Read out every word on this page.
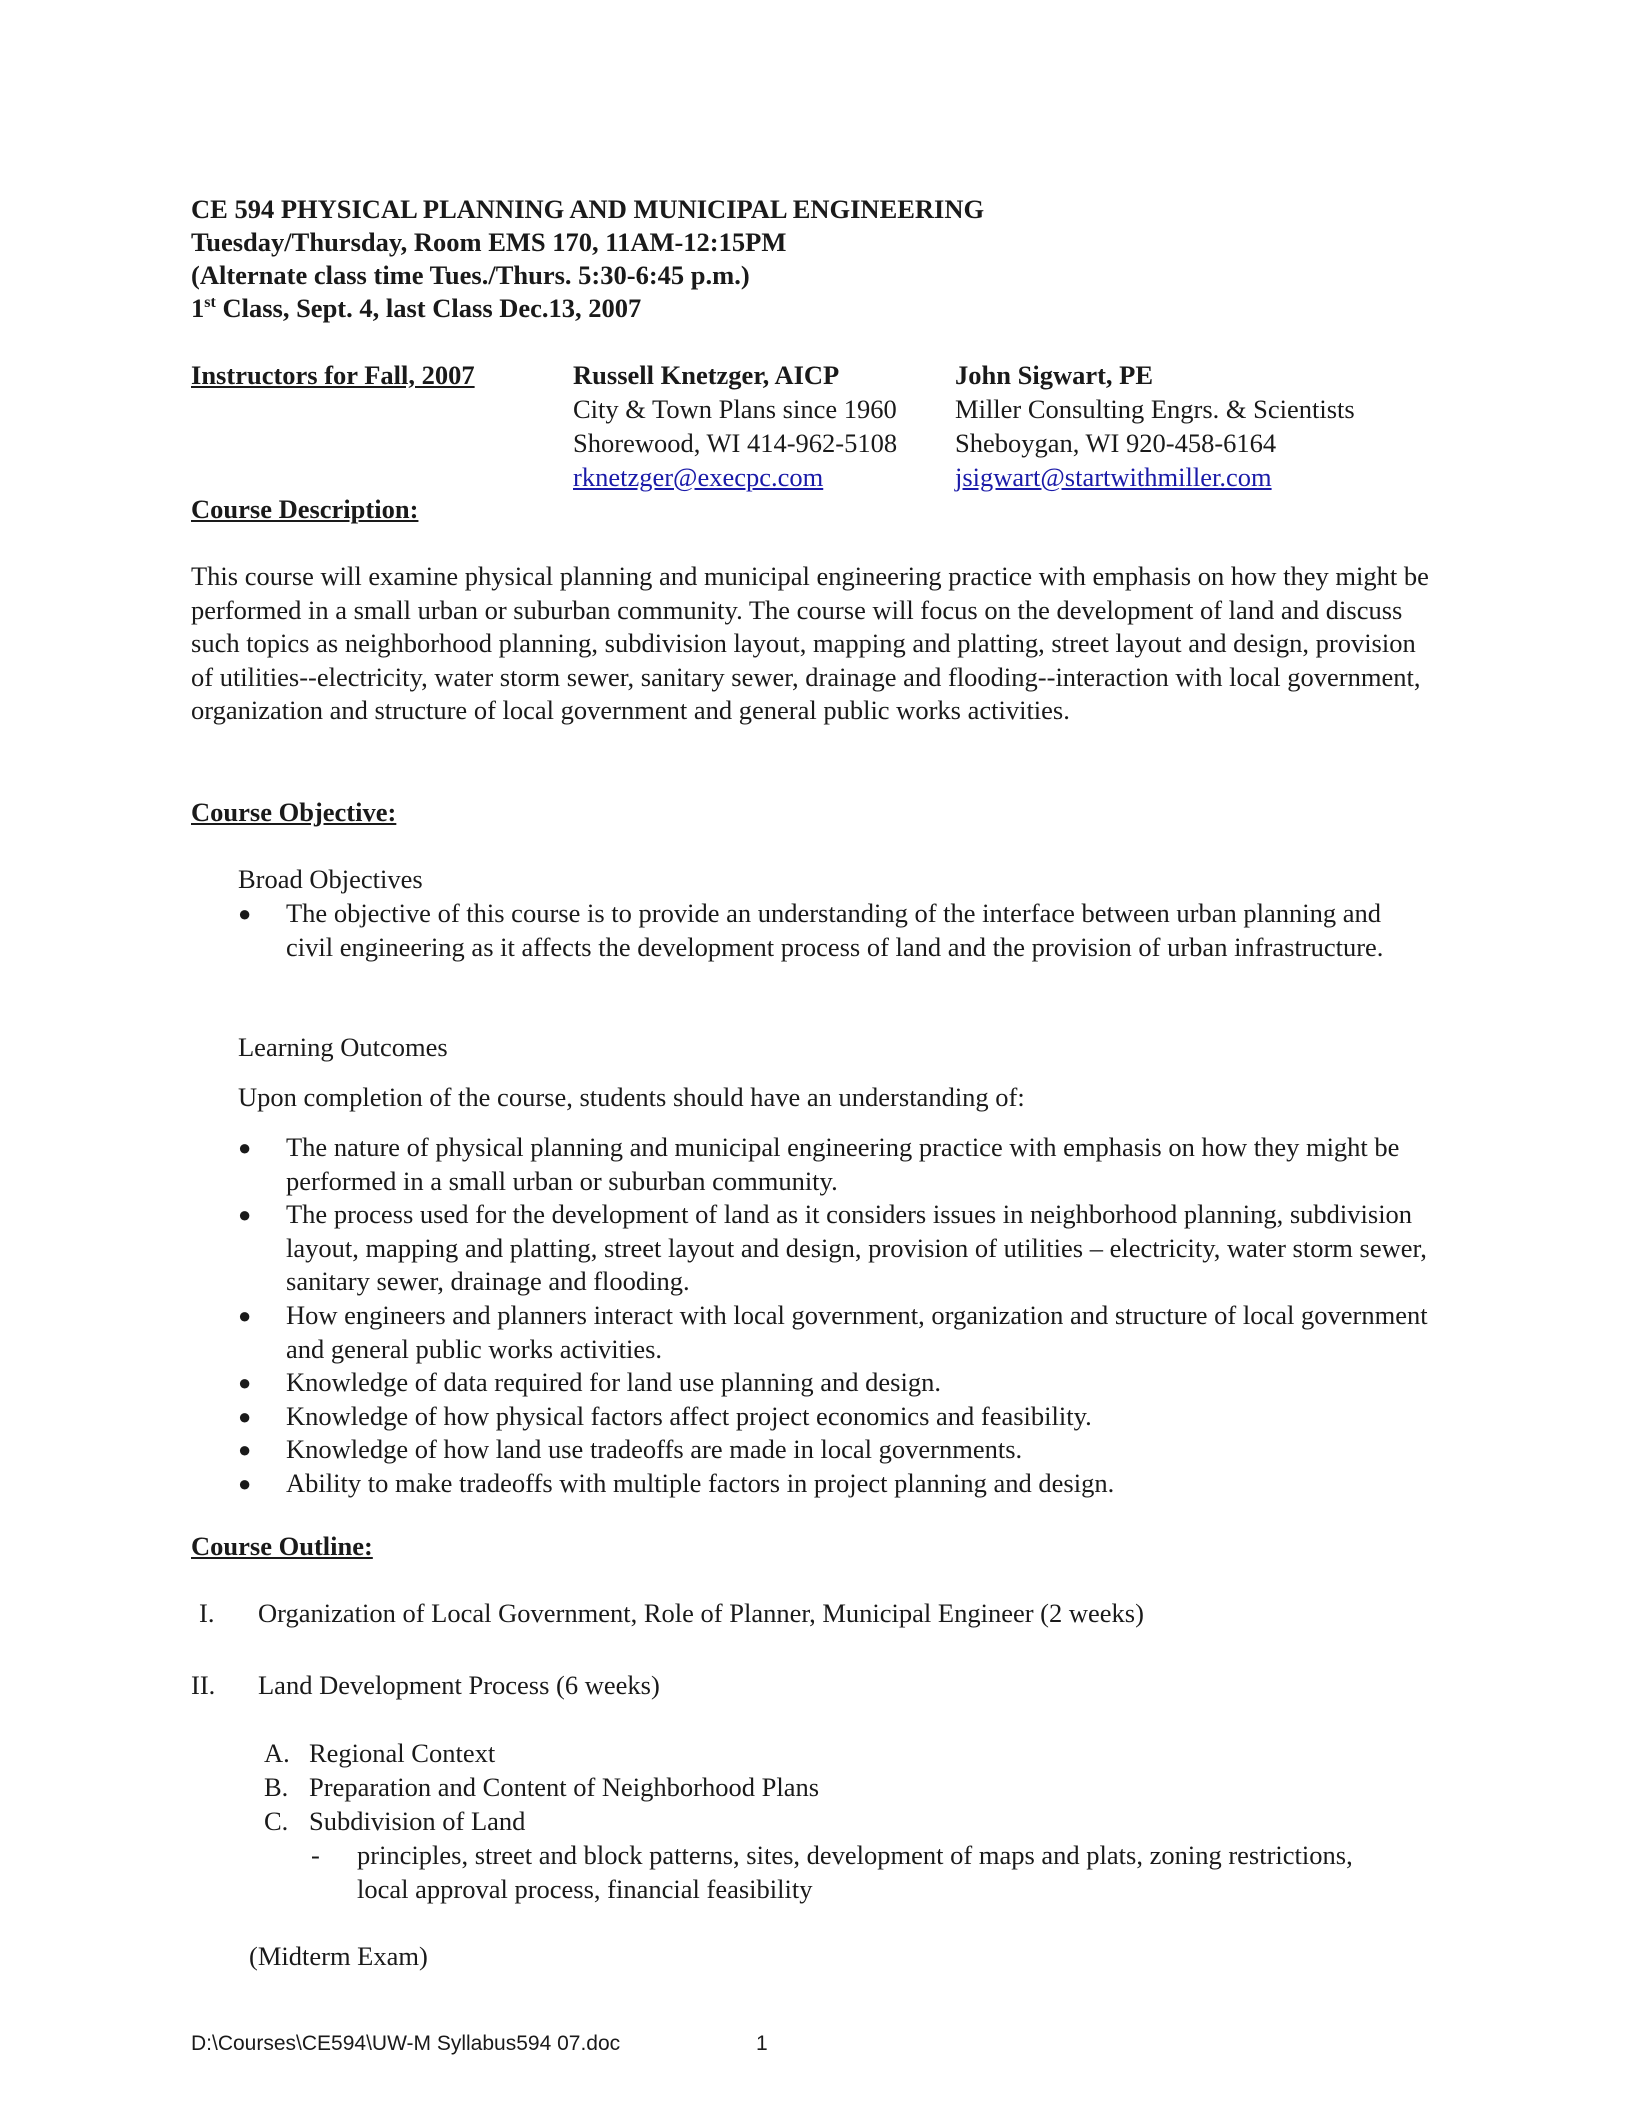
CE 594 PHYSICAL PLANNING AND MUNICIPAL ENGINEERING
Tuesday/Thursday, Room EMS 170, 11AM-12:15PM
(Alternate class time Tues./Thurs. 5:30-6:45 p.m.)
1st Class, Sept. 4, last Class Dec.13, 2007
Instructors for Fall, 2007	Russell Knetzger, AICP
City & Town Plans since 1960
Shorewood, WI 414-962-5108
rknetzger@execpc.com
John Sigwart, PE
Miller Consulting Engrs. & Scientists
Sheboygan, WI 920-458-6164
jsigwart@startwithmiller.com
Course Description:
This course will examine physical planning and municipal engineering practice with emphasis on how they might be performed in a small urban or suburban community. The course will focus on the development of land and discuss such topics as neighborhood planning, subdivision layout, mapping and platting, street layout and design, provision of utilities--electricity, water storm sewer, sanitary sewer, drainage and flooding--interaction with local government, organization and structure of local government and general public works activities.
Course Objective:
Broad Objectives
● The objective of this course is to provide an understanding of the interface between urban planning and civil engineering as it affects the development process of land and the provision of urban infrastructure.
Learning Outcomes
Upon completion of the course, students should have an understanding of:
● The nature of physical planning and municipal engineering practice with emphasis on how they might be performed in a small urban or suburban community.
● The process used for the development of land as it considers issues in neighborhood planning, subdivision layout, mapping and platting, street layout and design, provision of utilities – electricity, water storm sewer, sanitary sewer, drainage and flooding.
● How engineers and planners interact with local government, organization and structure of local government and general public works activities.
● Knowledge of data required for land use planning and design.
● Knowledge of how physical factors affect project economics and feasibility.
● Knowledge of how land use tradeoffs are made in local governments.
● Ability to make tradeoffs with multiple factors in project planning and design.
Course Outline:
I. Organization of Local Government, Role of Planner, Municipal Engineer (2 weeks)
II. Land Development Process (6 weeks)
A. Regional Context
B. Preparation and Content of Neighborhood Plans
C. Subdivision of Land
- principles, street and block patterns, sites, development of maps and plats, zoning restrictions, local approval process, financial feasibility
(Midterm Exam)
D:\Courses\CE594\UW-M Syllabus594 07.doc	1
